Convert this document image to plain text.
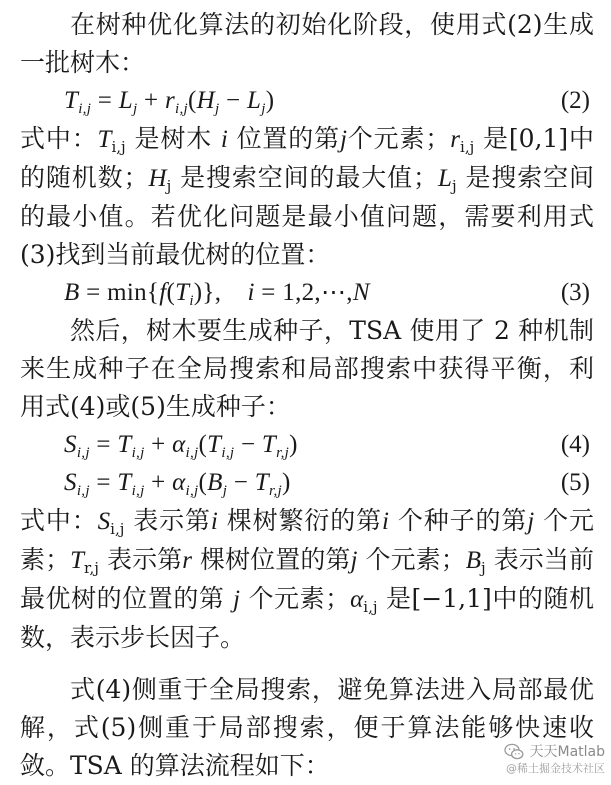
在树种优化算法的初始化阶段，使用式(2)生成一批树木：

$T_{i,j} = L_j + r_{i,j}(H_j - L_j)$	(2)

式中：$T_{i,j}$ 是树木 i 位置的第j个元素；$r_{i,j}$ 是[0,1]中的随机数；$H_j$ 是搜索空间的最大值；$L_j$ 是搜索空间的最小值。若优化问题是最小值问题，需要利用式(3)找到当前最优树的位置：

$B = \min\{f(T_i)\}$, i = 1,2,⋯,N	(3)

然后，树木要生成种子，TSA 使用了 2 种机制来生成种子在全局搜索和局部搜索中获得平衡，利用式(4)或(5)生成种子：

$S_{i,j} = T_{i,j} + \alpha_{i,j}(T_{i,j} - T_{r,j})$	(4)
$S_{i,j} = T_{i,j} + \alpha_{i,j}(B_j - T_{r,j})$	(5)

式中：$S_{i,j}$ 表示第i 棵树繁衍的第i 个种子的第j 个元素；$T_{r,j}$ 表示第r 棵树位置的第j 个元素；$B_j$ 表示当前最优树的位置的第 j 个元素；$\alpha_{i,j}$ 是[−1,1]中的随机数，表示步长因子。

式(4)侧重于全局搜索，避免算法进入局部最优解，式(5)侧重于局部搜索，便于算法能够快速收敛。TSA 的算法流程如下：	天天Matlab
@稀土掘金技术社区
